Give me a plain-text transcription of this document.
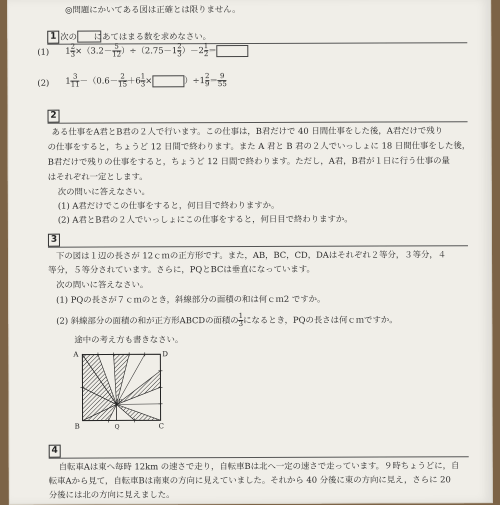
◎問題にかいてある図は正確とは限りません。
1 次の　　にあてはまる数を求めなさい。
(1) $1 \frac{2}{3} \times(3.2- \frac{5}{12} )\div(2.75-1 \frac{2}{3} )-2 \frac{1}{2}$ ＝
(2) $1 \frac{3}{11} -(0.6- \frac{2}{15} +6 \frac{1}{3}$ ×	）$\div 1 \frac{2}{9} = \frac{9}{55}$
2
ある仕事をA君とB君の２人で行います。この仕事は，B君だけで 40 日間仕事をした後，A君だけで残り
の仕事をすると，ちょうど 12 日間で終わります。また A 君と B 君の２人でいっしょに 18 日間仕事をした後，
B君だけで残りの仕事をすると，ちょうど 12 日間で終わります。ただし，A君，B君が１日に行う仕事の量
はそれぞれ一定とします。
次の問いに答えなさい。
(1) A君だけでこの仕事をすると，何日目で終わりますか。
(2) A君とB君の２人でいっしょにこの仕事をすると，何日目で終わりますか。
3
下の図は１辺の長さが 12ｃｍの正方形です。また，AB，BC，CD，DAはそれぞれ２等分，３等分，４
等分，５等分されています。さらに，PQとBCは垂直になっています。
次の問いに答えなさい。
(1) PQの長さが７ｃｍのとき，斜線部分の面積の和は何ｃｍ2 ですか。
(2) 斜線部分の面積の和が正方形ABCDの面積の $\frac{1}{3}$ になるとき，PQの長さは何ｃｍですか。
途中の考え方も書きなさい。
A	D
B	C
P
Q
4
自転車Aは東へ毎時 12km の速さで走り，自転車Bは北へ一定の速さで走っています。９時ちょうどに，自
転車Aから見て，自転車Bは南東の方向に見えていました。それから 40 分後に東の方向に見え，さらに 20
分後には北の方向に見えました。
